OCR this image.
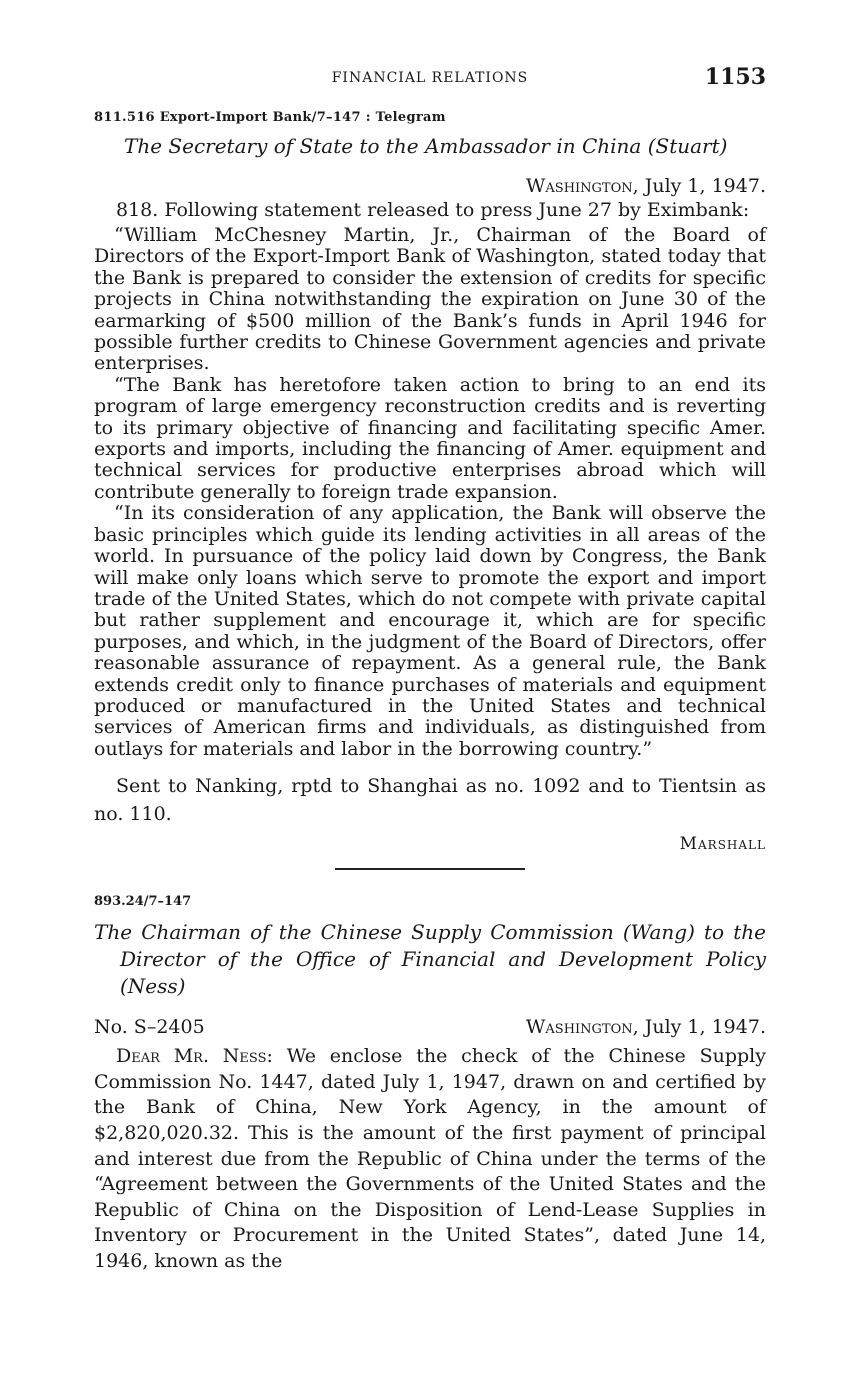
FINANCIAL RELATIONS	1153
811.516 Export-Import Bank/7–147 : Telegram
The Secretary of State to the Ambassador in China (Stuart)
Washington, July 1, 1947.
818. Following statement released to press June 27 by Eximbank:

“William McChesney Martin, Jr., Chairman of the Board of Directors of the Export-Import Bank of Washington, stated today that the Bank is prepared to consider the extension of credits for specific projects in China notwithstanding the expiration on June 30 of the earmarking of $500 million of the Bank’s funds in April 1946 for possible further credits to Chinese Government agencies and private enterprises.

“The Bank has heretofore taken action to bring to an end its program of large emergency reconstruction credits and is reverting to its primary objective of financing and facilitating specific Amer. exports and imports, including the financing of Amer. equipment and technical services for productive enterprises abroad which will contribute generally to foreign trade expansion.

“In its consideration of any application, the Bank will observe the basic principles which guide its lending activities in all areas of the world. In pursuance of the policy laid down by Congress, the Bank will make only loans which serve to promote the export and import trade of the United States, which do not compete with private capital but rather supplement and encourage it, which are for specific purposes, and which, in the judgment of the Board of Directors, offer reasonable assurance of repayment. As a general rule, the Bank extends credit only to finance purchases of materials and equipment produced or manufactured in the United States and technical services of American firms and individuals, as distinguished from outlays for materials and labor in the borrowing country.”

Sent to Nanking, rptd to Shanghai as no. 1092 and to Tientsin as no. 110.
Marshall
893.24/7–147
The Chairman of the Chinese Supply Commission (Wang) to the Director of the Office of Financial and Development Policy (Ness)
No. S–2405	Washington, July 1, 1947.
Dear Mr. Ness: We enclose the check of the Chinese Supply Commission No. 1447, dated July 1, 1947, drawn on and certified by the Bank of China, New York Agency, in the amount of $2,820,020.32. This is the amount of the first payment of principal and interest due from the Republic of China under the terms of the “Agreement between the Governments of the United States and the Republic of China on the Disposition of Lend-Lease Supplies in Inventory or Procurement in the United States”, dated June 14, 1946, known as the
